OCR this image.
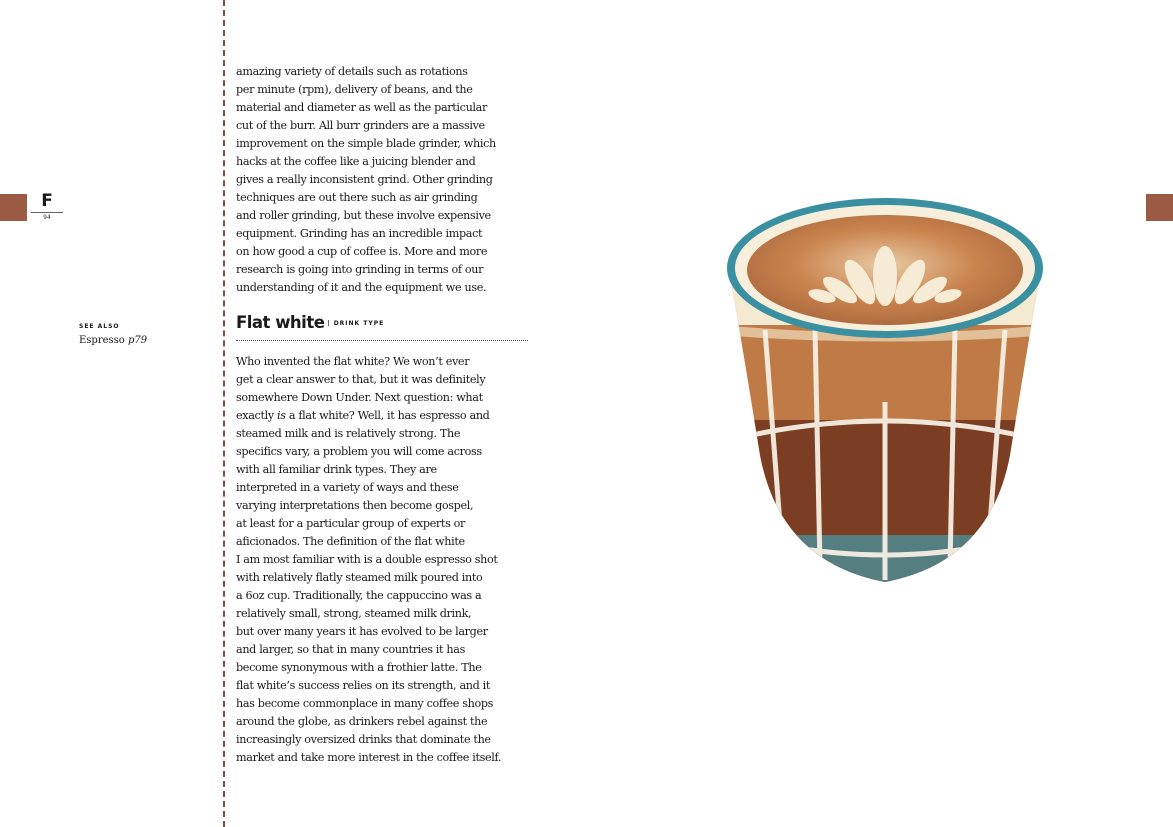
F
94
SEE ALSO
Espresso p79

amazing variety of details such as rotations
per minute (rpm), delivery of beans, and the
material and diameter as well as the particular
cut of the burr. All burr grinders are a massive
improvement on the simple blade grinder, which
hacks at the coffee like a juicing blender and
gives a really inconsistent grind. Other grinding
techniques are out there such as air grinding
and roller grinding, but these involve expensive
equipment. Grinding has an incredible impact
on how good a cup of coffee is. More and more
research is going into grinding in terms of our
understanding of it and the equipment we use.

Flat white | DRINK TYPE

Who invented the flat white? We won’t ever
get a clear answer to that, but it was definitely
somewhere Down Under. Next question: what
exactly is a flat white? Well, it has espresso and
steamed milk and is relatively strong. The
specifics vary, a problem you will come across
with all familiar drink types. They are
interpreted in a variety of ways and these
varying interpretations then become gospel,
at least for a particular group of experts or
aficionados. The definition of the flat white
I am most familiar with is a double espresso shot
with relatively flatly steamed milk poured into
a 6oz cup. Traditionally, the cappuccino was a
relatively small, strong, steamed milk drink,
but over many years it has evolved to be larger
and larger, so that in many countries it has
become synonymous with a frothier latte. The
flat white’s success relies on its strength, and it
has become commonplace in many coffee shops
around the globe, as drinkers rebel against the
increasingly oversized drinks that dominate the
market and take more interest in the coffee itself.
